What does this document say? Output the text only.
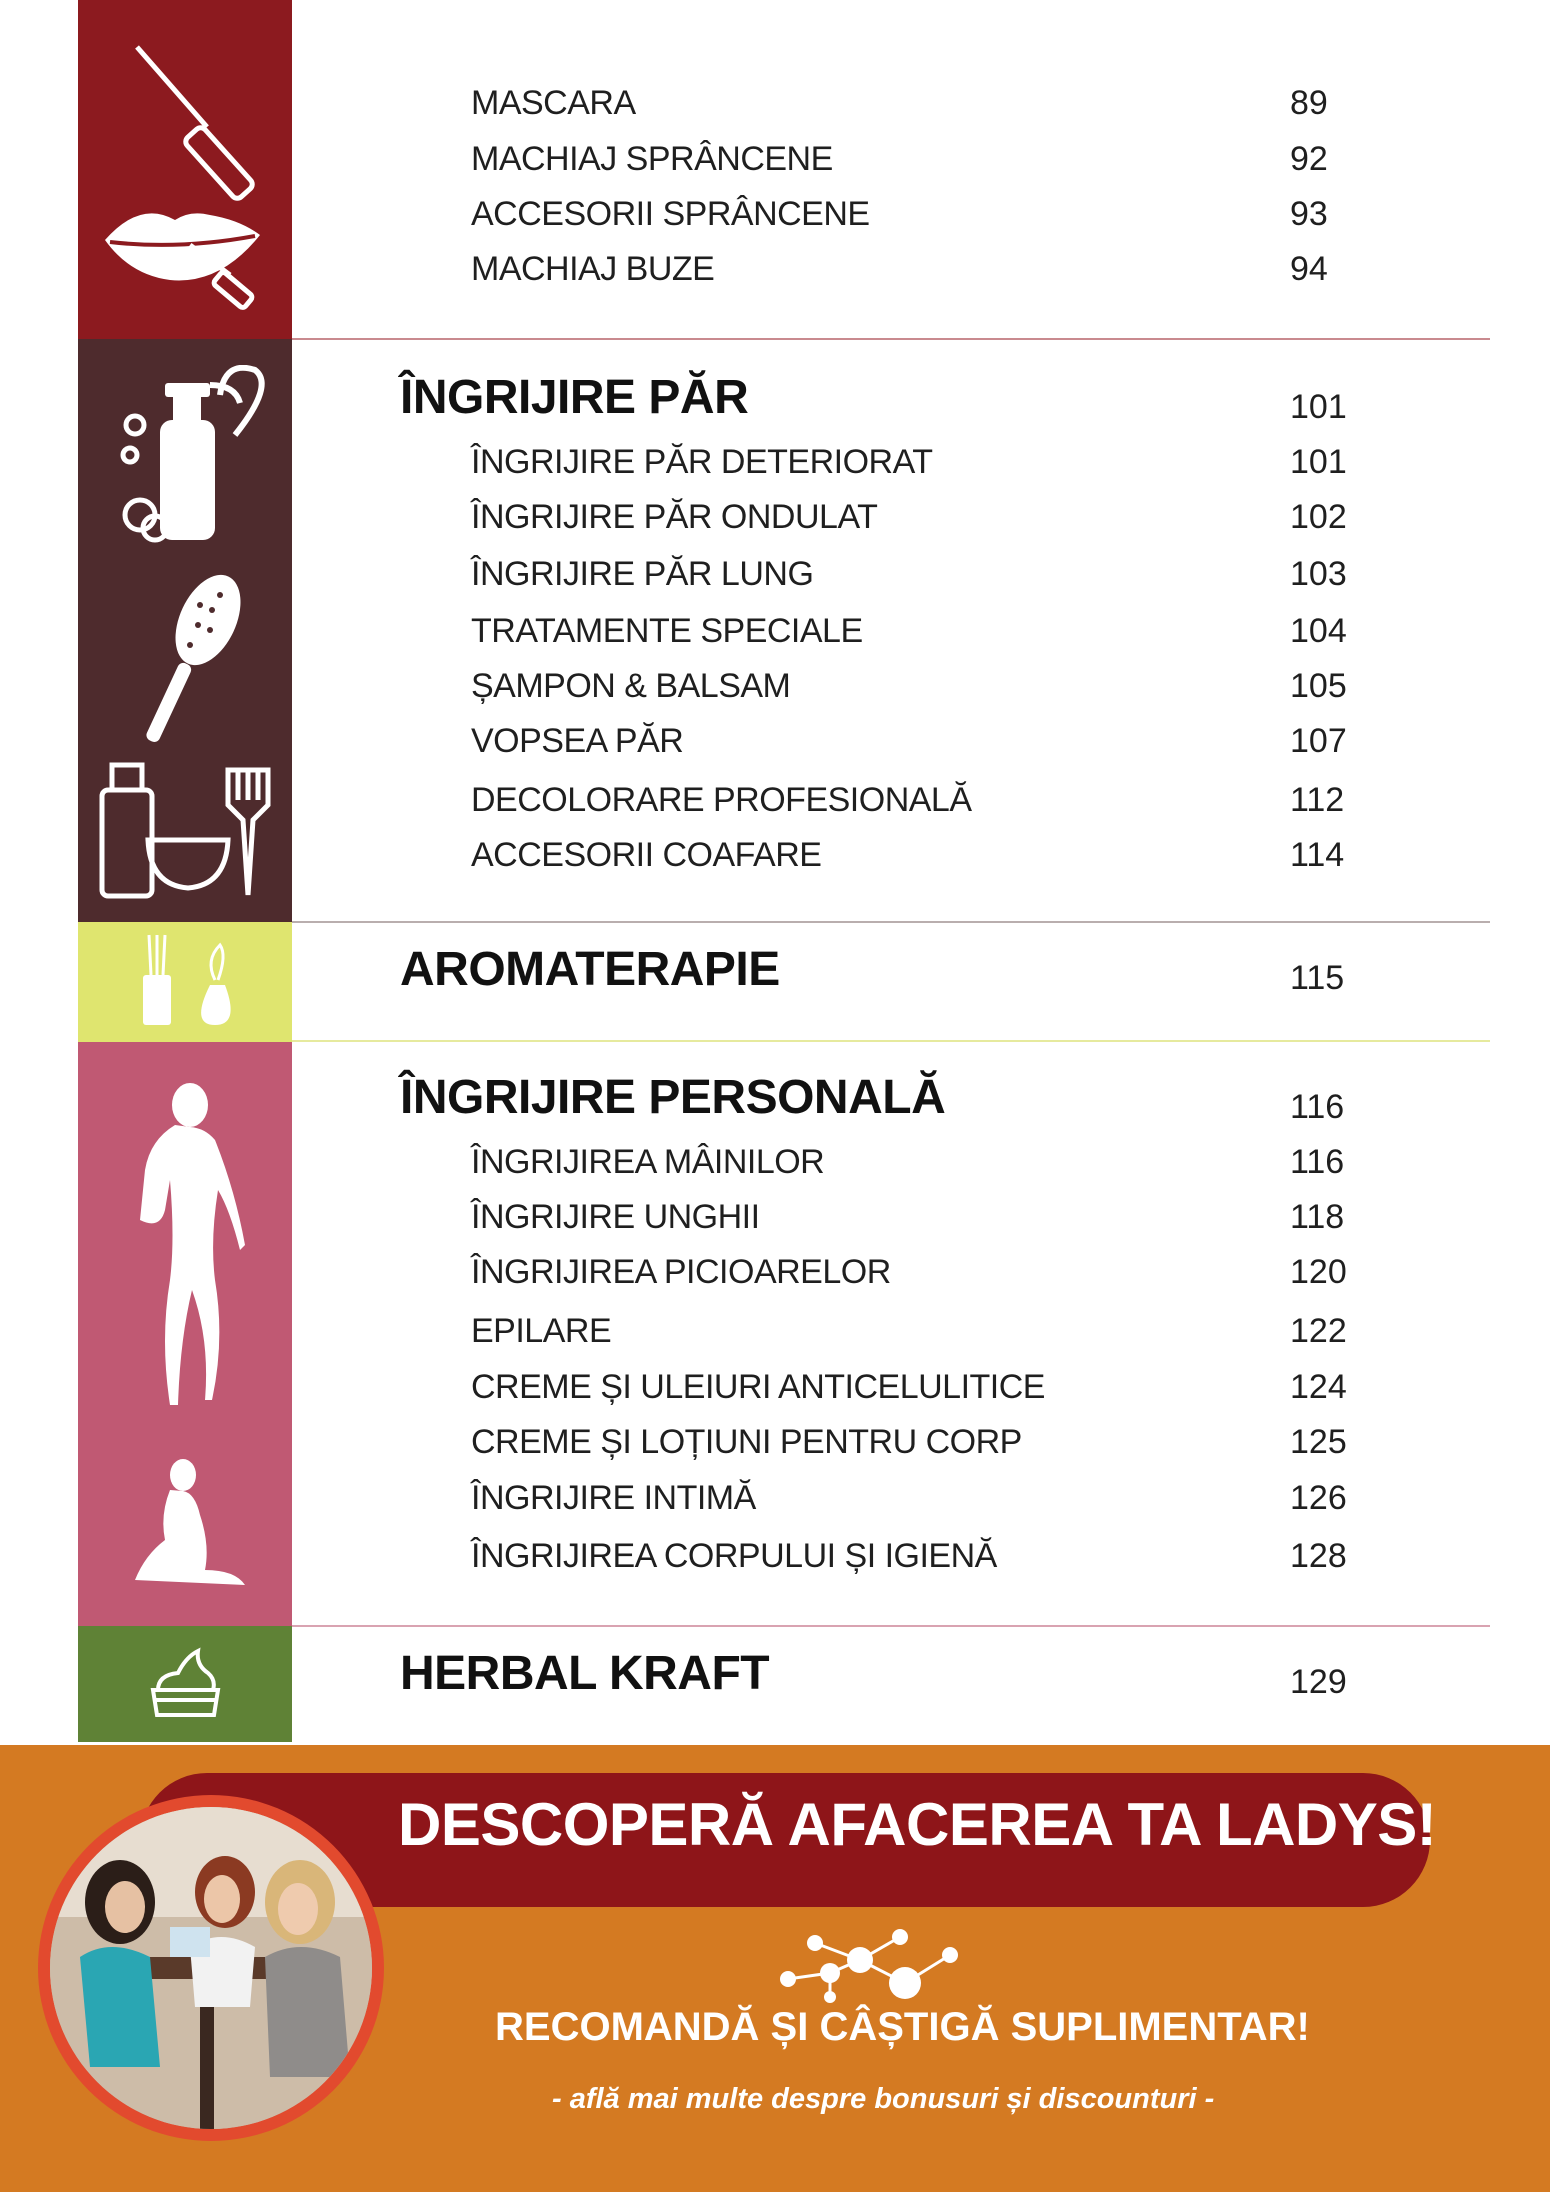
MASCARA	89
MACHIAJ SPRÂNCENE	92
ACCESORII SPRÂNCENE	93
MACHIAJ BUZE	94
ÎNGRIJIRE PĂR	101
ÎNGRIJIRE PĂR DETERIORAT	101
ÎNGRIJIRE PĂR ONDULAT	102
ÎNGRIJIRE PĂR LUNG	103
TRATAMENTE SPECIALE	104
ȘAMPON & BALSAM	105
VOPSEA PĂR	107
DECOLORARE PROFESIONALĂ	112
ACCESORII COAFARE	114
AROMATERAPIE	115
ÎNGRIJIRE PERSONALĂ	116
ÎNGRIJIREA MÂINILOR	116
ÎNGRIJIRE UNGHII	118
ÎNGRIJIREA PICIOARELOR	120
EPILARE	122
CREME ȘI ULEIURI ANTICELULITICE	124
CREME ȘI LOȚIUNI PENTRU CORP	125
ÎNGRIJIRE INTIMĂ	126
ÎNGRIJIREA CORPULUI ȘI IGIENĂ	128
HERBAL KRAFT	129
DESCOPERĂ AFACEREA TA LADYS!
RECOMANDĂ ȘI CÂȘTIGĂ SUPLIMENTAR!
- află mai multe despre bonusuri și discounturi -
